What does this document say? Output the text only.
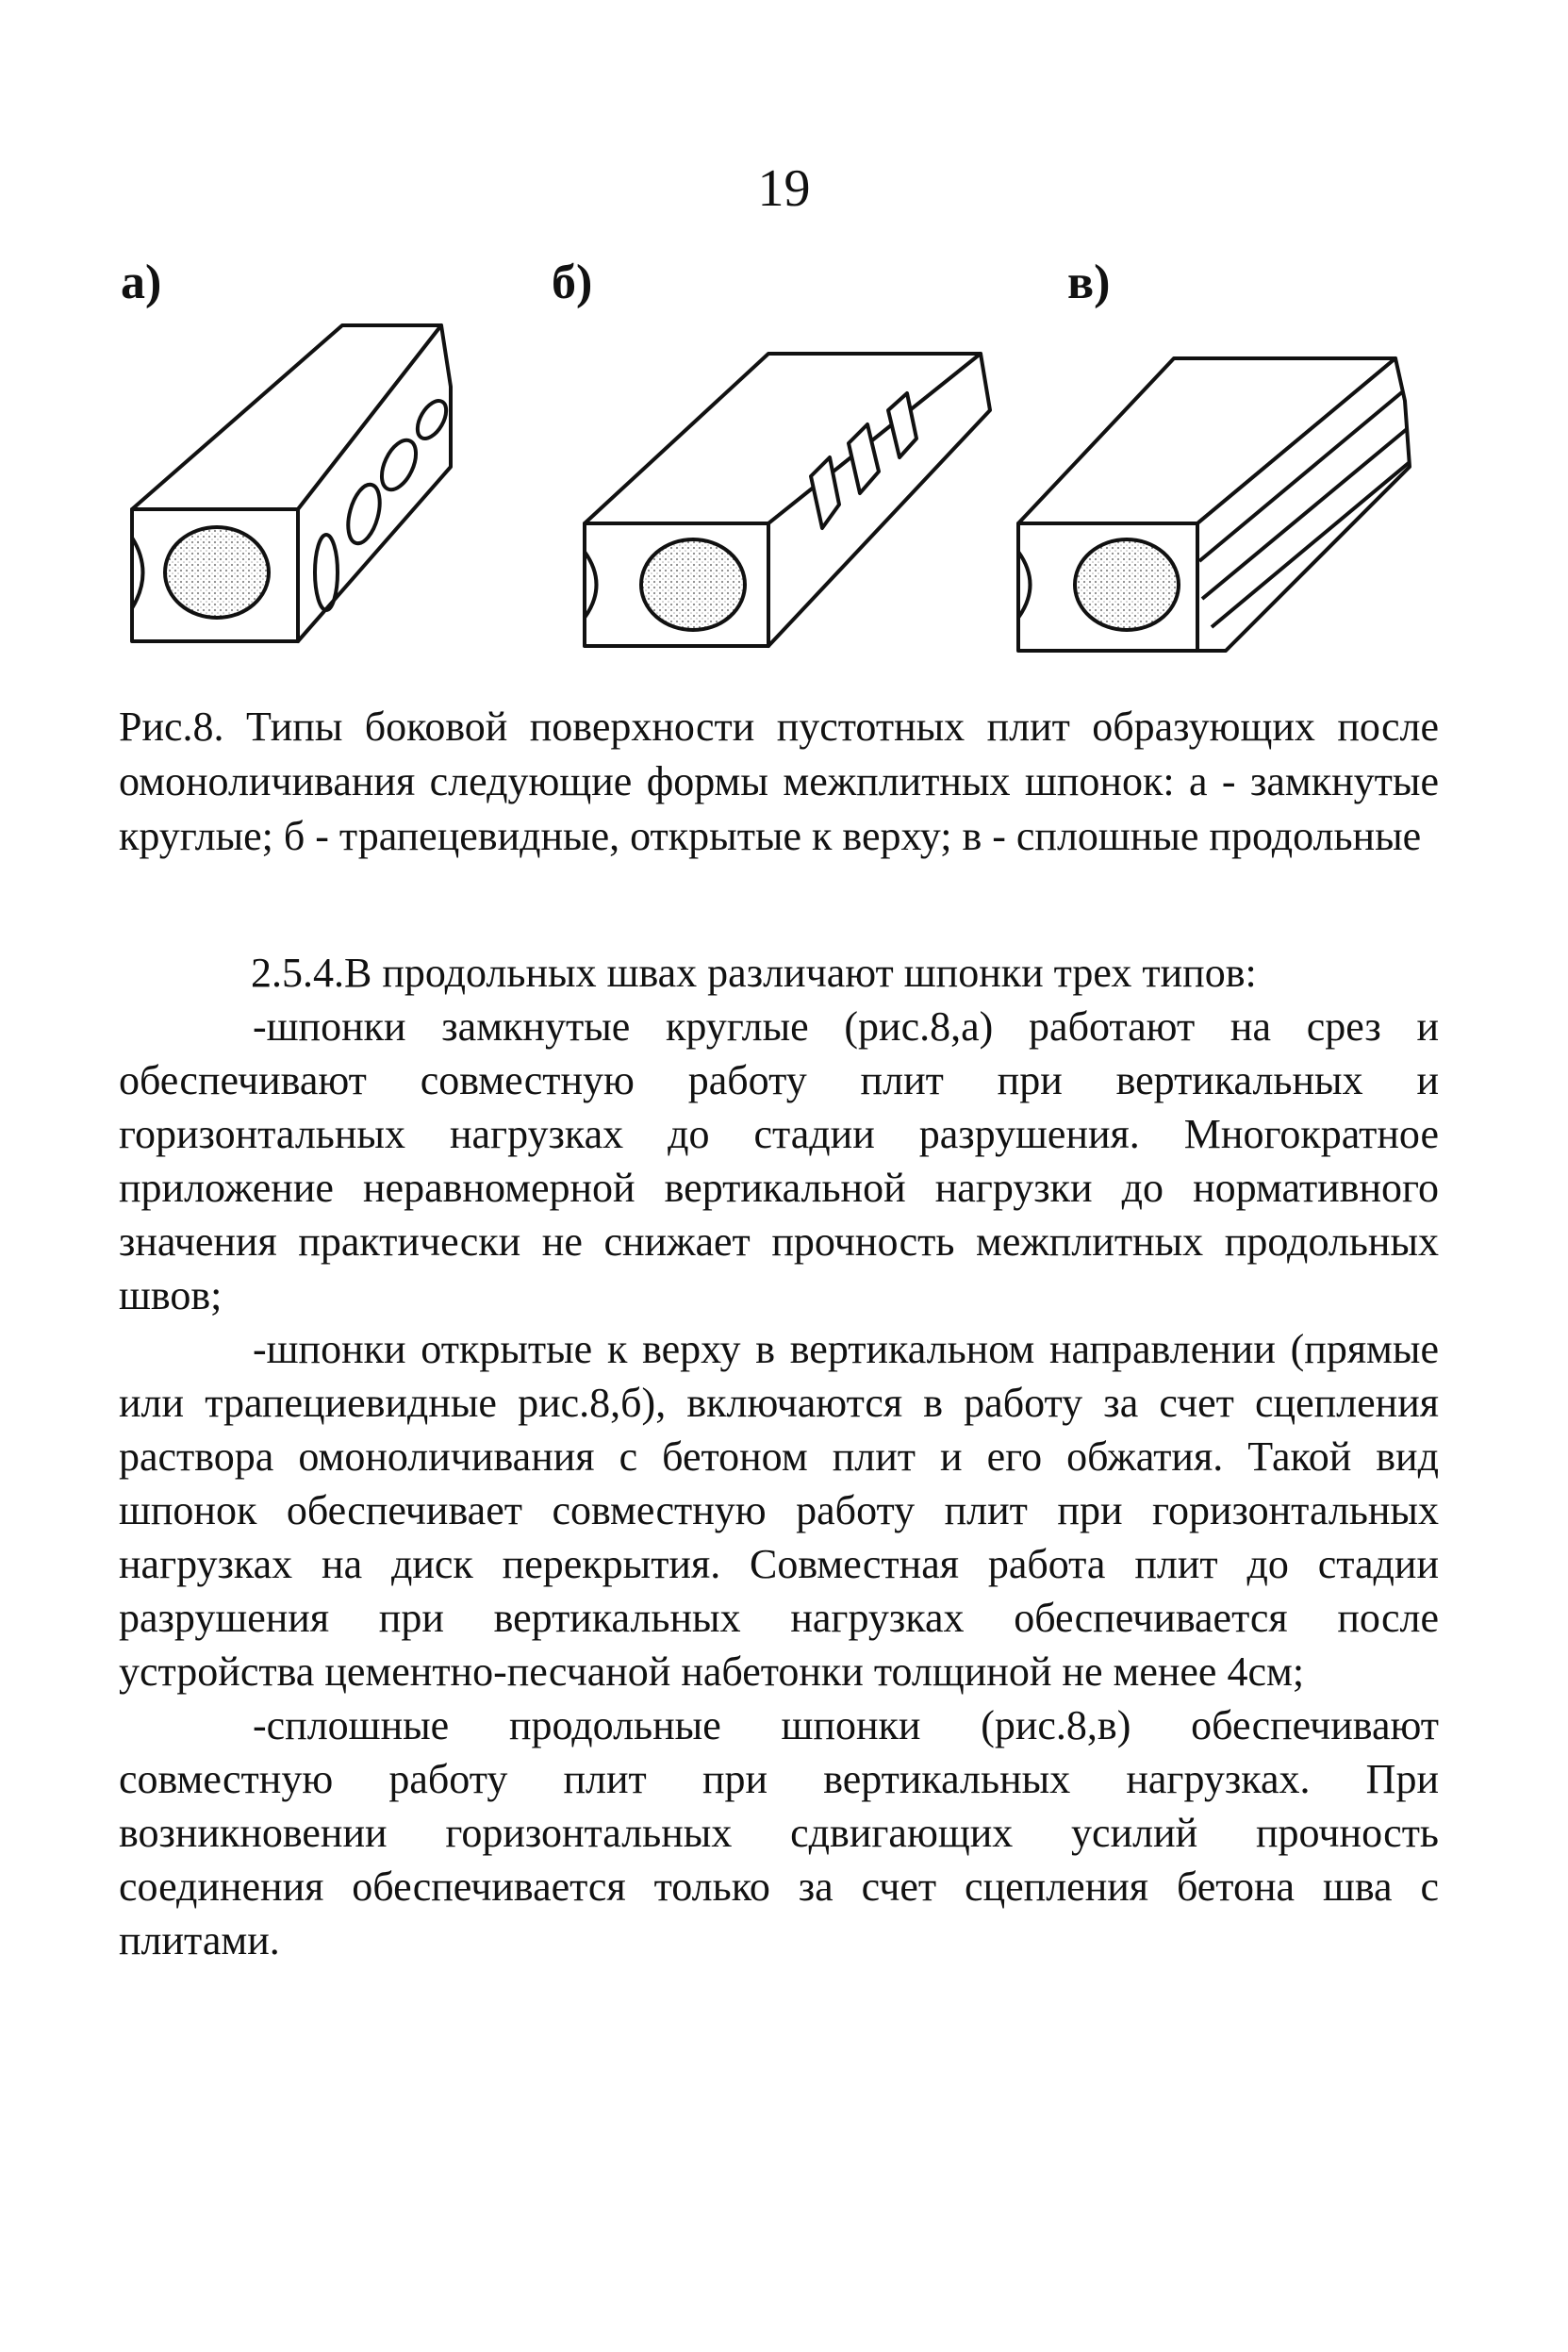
19
а)	б)	в)
Рис.8. Типы боковой поверхности пустотных плит образующих после омоноличивания следующие формы межплитных шпонок: а - замкнутые круглые; б - трапецевидные, открытые к верху; в - сплошные продольные

2.5.4.В продольных швах различают шпонки трех типов:

-шпонки замкнутые круглые (рис.8,а) работают на срез и обеспечивают совместную работу плит при вертикальных и горизонтальных нагрузках до стадии разрушения. Многократное приложение неравномерной вертикальной нагрузки до нормативного значения практически не снижает прочность межплитных продольных швов;

-шпонки открытые к верху в вертикальном направлении (прямые или трапециевидные рис.8,б), включаются в работу за счет сцепления раствора омоноличивания с бетоном плит и его обжатия. Такой вид шпонок обеспечивает совместную работу плит при горизонтальных нагрузках на диск перекрытия. Совместная работа плит до стадии разрушения при вертикальных нагрузках обеспечивается после устройства цементно-песчаной набетонки толщиной не менее 4см;

-сплошные продольные шпонки (рис.8,в) обеспечивают совместную работу плит при вертикальных нагрузках. При возникновении горизонтальных сдвигающих усилий прочность соединения обеспечивается только за счет сцепления бетона шва с плитами.
